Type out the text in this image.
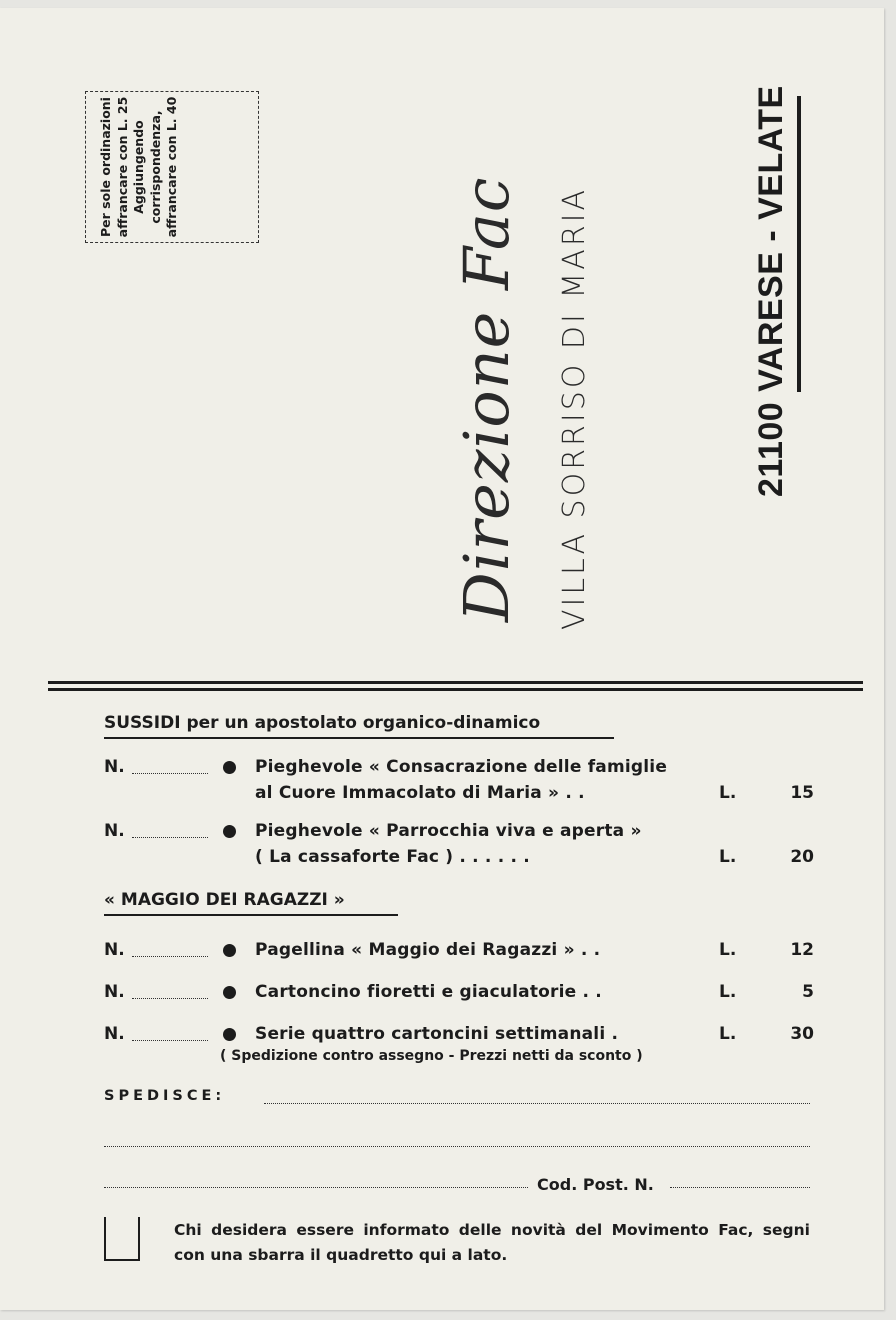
Per sole ordinazioni affrancare con L. 25 Aggiungendo corrispondenza, affrancare con L. 40
Direzione Fac VILLA SORRISO DI MARIA	21100 VARESE - VELATE
SUSSIDI per un apostolato organico-dinamico
N.	Pieghevole « Consacrazione delle famiglie
al Cuore Immacolato di Maria » . .	L.	15
N.	Pieghevole « Parrocchia viva e aperta »
( La cassaforte Fac ) . . . . . .	L.	20
« MAGGIO DEI RAGAZZI »
N.	Pagellina « Maggio dei Ragazzi » . .	L.	12
N.	Cartoncino fioretti e giaculatorie . .	L.	5
N.	Serie quattro cartoncini settimanali .	L.	30
( Spedizione contro assegno - Prezzi netti da sconto )
SPEDISCE:
Cod. Post. N.
Chi desidera essere informato delle novità del Movimento Fac, segni con una sbarra il quadretto qui a lato.
